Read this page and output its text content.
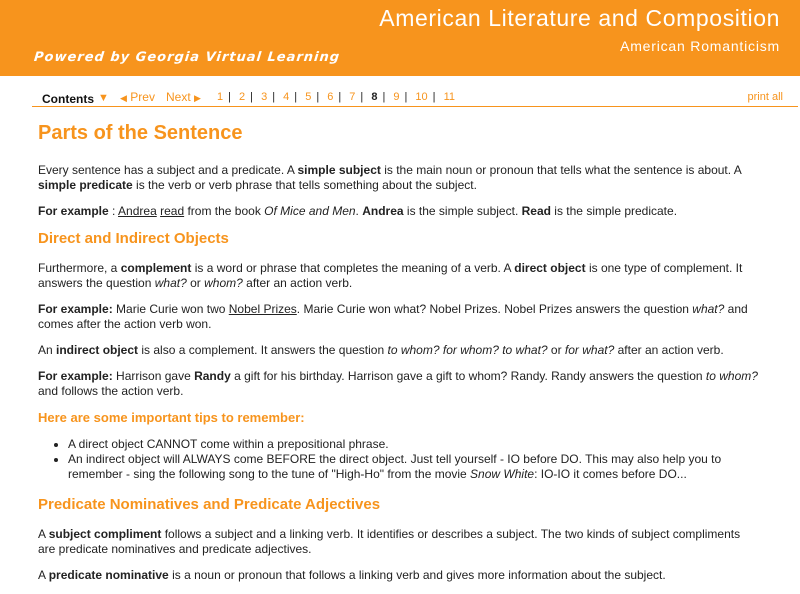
American Literature and Composition
American Romanticism
Powered by Georgia Virtual Learning
Contents ▼ ◀ Prev Next ▶ 1 | 2 | 3 | 4 | 5 | 6 | 7 | 8 | 9 | 10 | 11	print all
Parts of the Sentence

Every sentence has a subject and a predicate. A simple subject is the main noun or pronoun that tells what the sentence is about. A simple predicate is the verb or verb phrase that tells something about the subject.

For example : Andrea read from the book Of Mice and Men. Andrea is the simple subject. Read is the simple predicate.

Direct and Indirect Objects

Furthermore, a complement is a word or phrase that completes the meaning of a verb. A direct object is one type of complement. It answers the question what? or whom? after an action verb.

For example: Marie Curie won two Nobel Prizes. Marie Curie won what? Nobel Prizes. Nobel Prizes answers the question what? and comes after the action verb won.

An indirect object is also a complement. It answers the question to whom? for whom? to what? or for what? after an action verb.

For example: Harrison gave Randy a gift for his birthday. Harrison gave a gift to whom? Randy. Randy answers the question to whom? and follows the action verb.

Here are some important tips to remember:
• A direct object CANNOT come within a prepositional phrase.
• An indirect object will ALWAYS come BEFORE the direct object. Just tell yourself - IO before DO. This may also help you to remember - sing the following song to the tune of "High-Ho" from the movie Snow White: IO-IO it comes before DO...
Predicate Nominatives and Predicate Adjectives

A subject compliment follows a subject and a linking verb. It identifies or describes a subject. The two kinds of subject compliments are predicate nominatives and predicate adjectives.

A predicate nominative is a noun or pronoun that follows a linking verb and gives more information about the subject.
